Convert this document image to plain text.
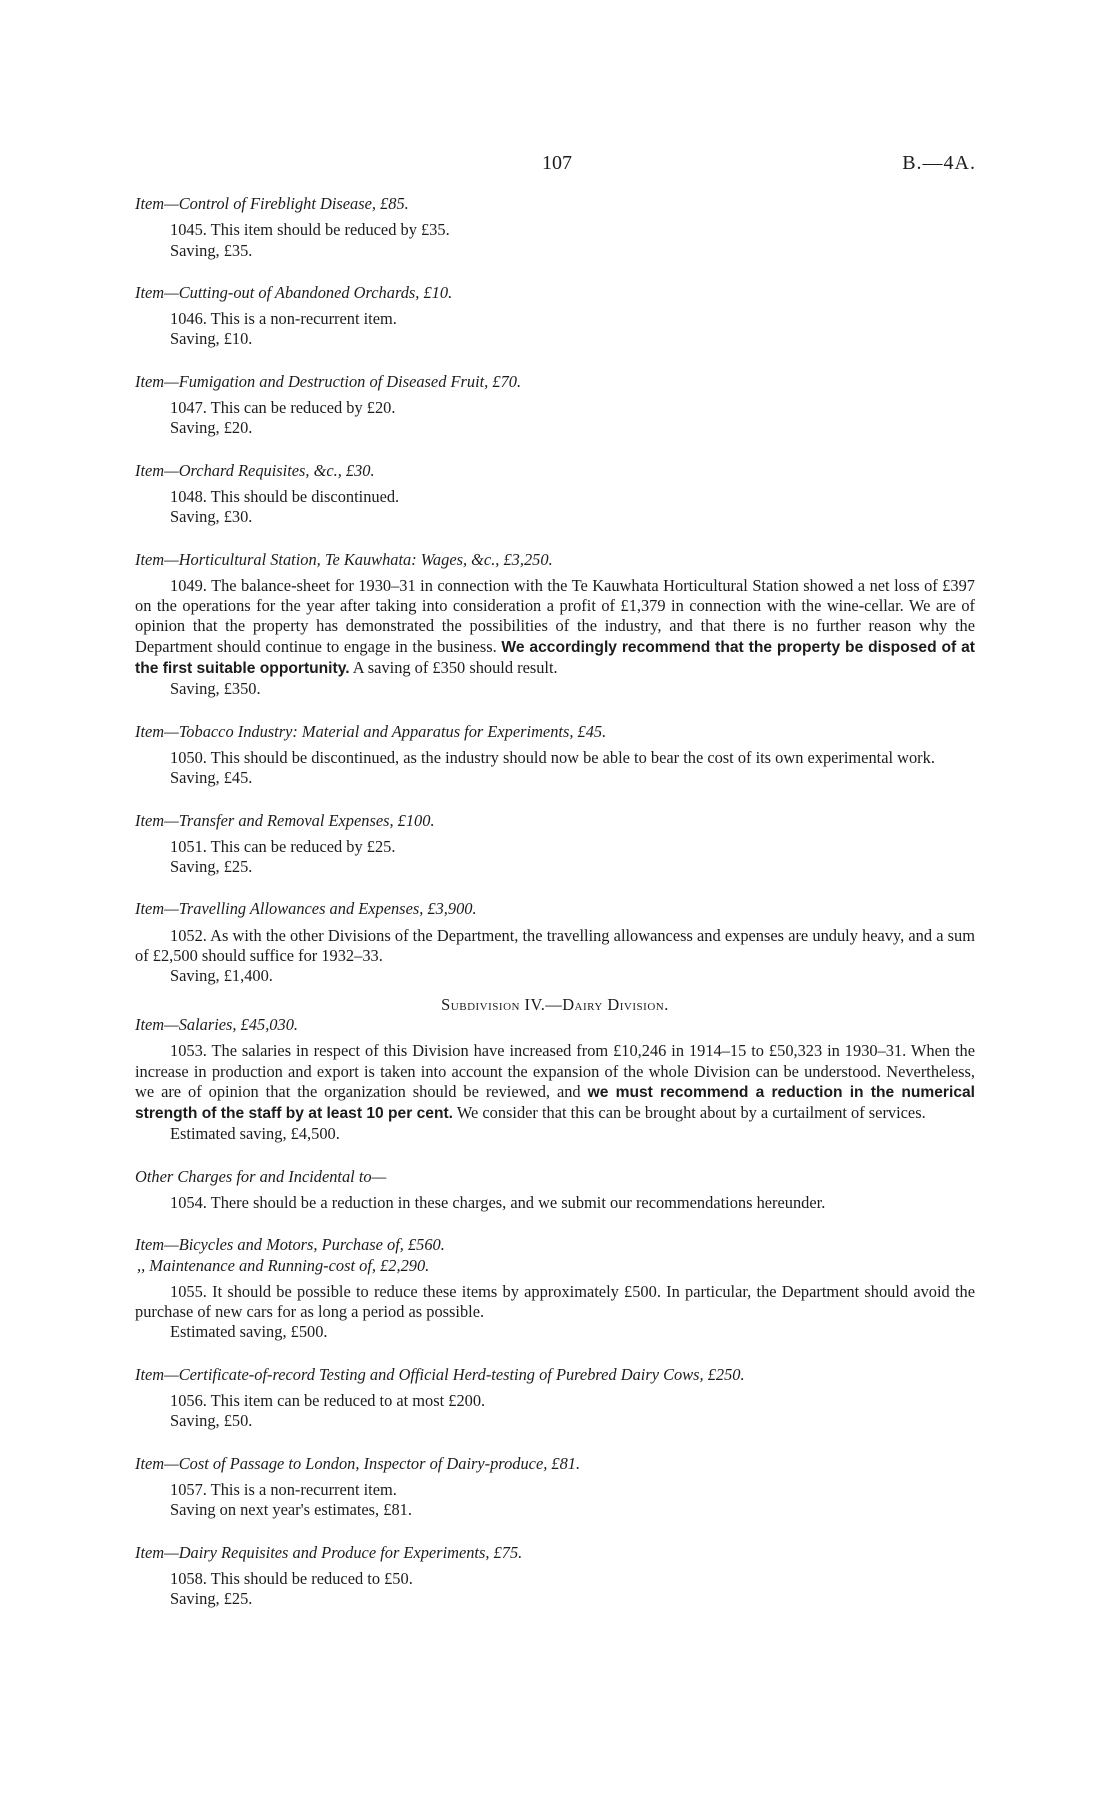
107	B.—4A.

Item—Control of Fireblight Disease, £85.

1045. This item should be reduced by £35.

Saving, £35.

Item—Cutting-out of Abandoned Orchards, £10.

1046. This is a non-recurrent item.

Saving, £10.

Item—Fumigation and Destruction of Diseased Fruit, £70.

1047. This can be reduced by £20.

Saving, £20.

Item—Orchard Requisites, &c., £30.

1048. This should be discontinued.

Saving, £30.

Item—Horticultural Station, Te Kauwhata: Wages, &c., £3,250.

1049. The balance-sheet for 1930–31 in connection with the Te Kauwhata Horticultural Station showed a net loss of £397 on the operations for the year after taking into consideration a profit of £1,379 in connection with the wine-cellar. We are of opinion that the property has demonstrated the possibilities of the industry, and that there is no further reason why the Department should continue to engage in the business. We accordingly recommend that the property be disposed of at the first suitable opportunity. A saving of £350 should result.

Saving, £350.

Item—Tobacco Industry: Material and Apparatus for Experiments, £45.

1050. This should be discontinued, as the industry should now be able to bear the cost of its own experimental work.

Saving, £45.

Item—Transfer and Removal Expenses, £100.

1051. This can be reduced by £25.

Saving, £25.

Item—Travelling Allowances and Expenses, £3,900.

1052. As with the other Divisions of the Department, the travelling allowancess and expenses are unduly heavy, and a sum of £2,500 should suffice for 1932–33.

Saving, £1,400.

Subdivision IV.—Dairy Division.

Item—Salaries, £45,030.

1053. The salaries in respect of this Division have increased from £10,246 in 1914–15 to £50,323 in 1930–31. When the increase in production and export is taken into account the expansion of the whole Division can be understood. Nevertheless, we are of opinion that the organization should be reviewed, and we must recommend a reduction in the numerical strength of the staff by at least 10 per cent. We consider that this can be brought about by a curtailment of services.

Estimated saving, £4,500.

Other Charges for and Incidental to—

1054. There should be a reduction in these charges, and we submit our recommendations hereunder.

Item—Bicycles and Motors, Purchase of, £560.

,, Maintenance and Running-cost of, £2,290.

1055. It should be possible to reduce these items by approximately £500. In particular, the Department should avoid the purchase of new cars for as long a period as possible.

Estimated saving, £500.

Item—Certificate-of-record Testing and Official Herd-testing of Purebred Dairy Cows, £250.

1056. This item can be reduced to at most £200.

Saving, £50.

Item—Cost of Passage to London, Inspector of Dairy-produce, £81.

1057. This is a non-recurrent item.

Saving on next year's estimates, £81.

Item—Dairy Requisites and Produce for Experiments, £75.

1058. This should be reduced to £50.

Saving, £25.
